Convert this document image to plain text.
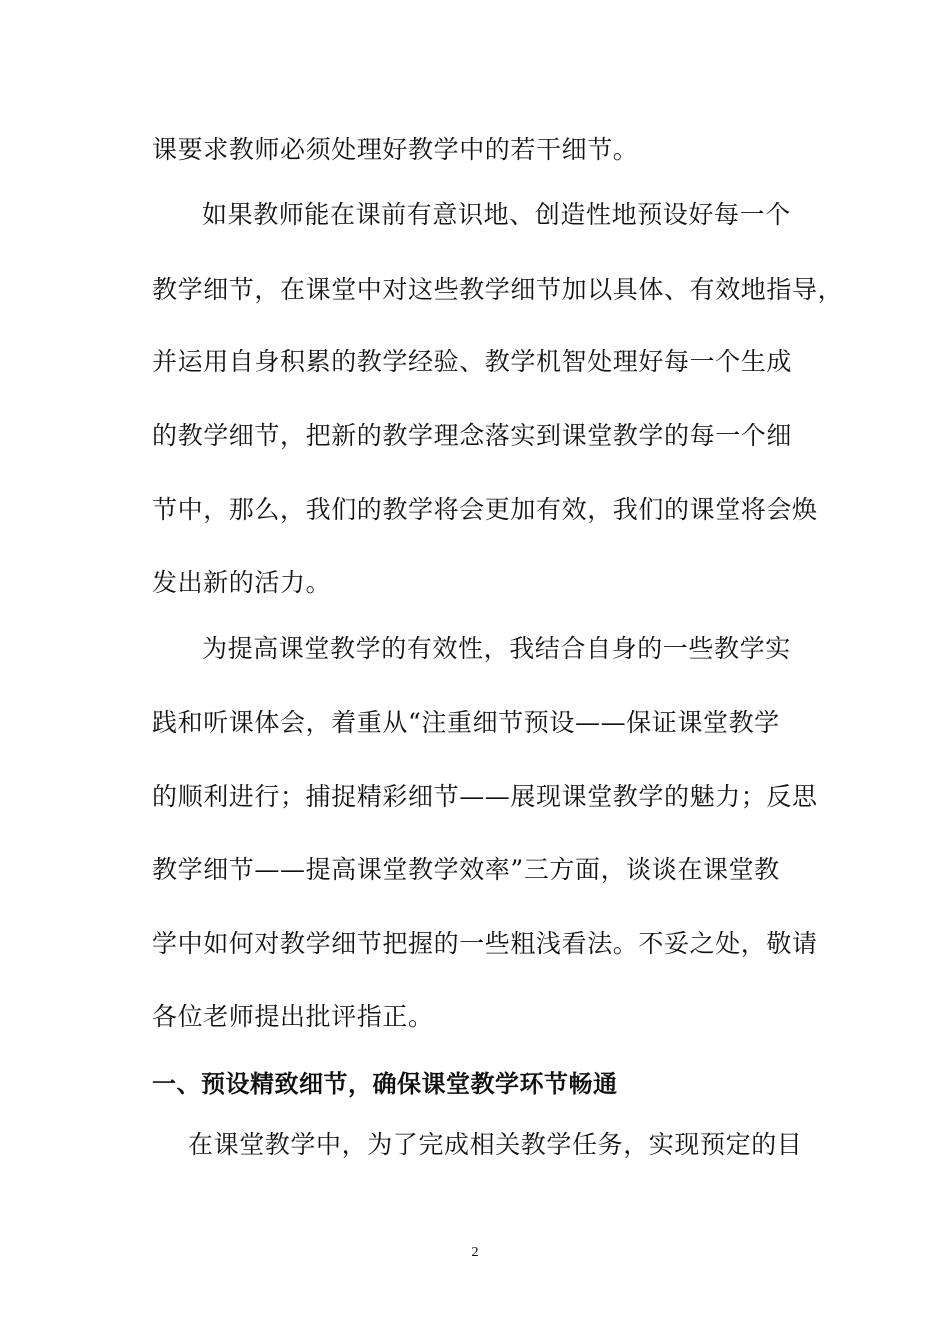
课要求教师必须处理好教学中的若干细节。
如果教师能在课前有意识地、创造性地预设好每一个
教学细节，在课堂中对这些教学细节加以具体、有效地指导，
并运用自身积累的教学经验、教学机智处理好每一个生成
的教学细节，把新的教学理念落实到课堂教学的每一个细
节中，那么，我们的教学将会更加有效，我们的课堂将会焕
发出新的活力。
为提高课堂教学的有效性，我结合自身的一些教学实
践和听课体会，着重从“注重细节预设——保证课堂教学
的顺利进行；捕捉精彩细节——展现课堂教学的魅力；反思
教学细节——提高课堂教学效率”三方面，谈谈在课堂教
学中如何对教学细节把握的一些粗浅看法。不妥之处，敬请
各位老师提出批评指正。
一、预设精致细节，确保课堂教学环节畅通
在课堂教学中，为了完成相关教学任务，实现预定的目
2
